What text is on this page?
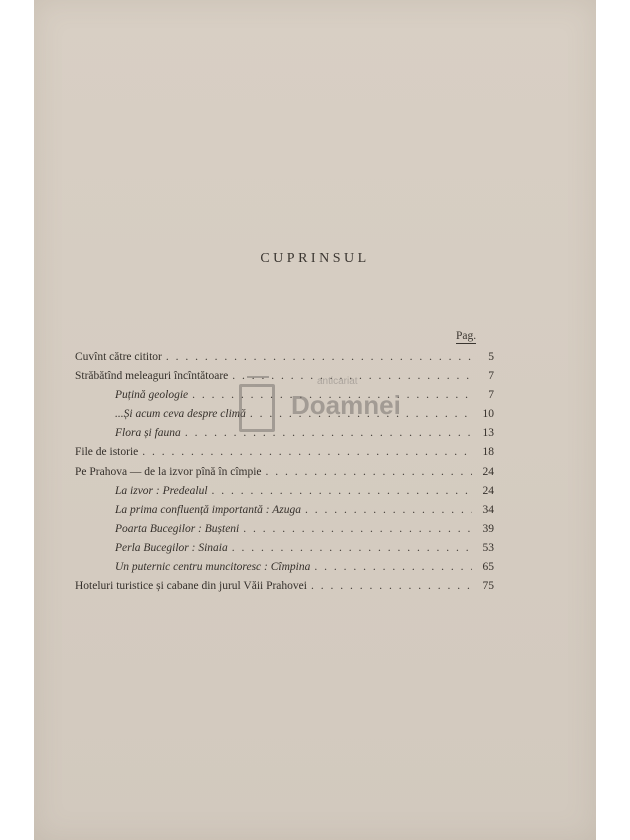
CUPRINSUL
Pag.
Cuvînt către cititor . . .	5
Străbătînd meleaguri încîntătoare . . .	7
Puțină geologie . . .	7
...Și acum ceva despre climă . . .	10
Flora și fauna . . .	13
File de istorie . . .	18
Pe Prahova — de la izvor pînă în cîmpie . . .	24
La izvor : Predealul . . .	24
La prima confluență importantă : Azuga . . .	34
Poarta Bucegilor : Bușteni . . .	39
Perla Bucegilor : Sinaia . . .	53
Un puternic centru muncitoresc : Cîmpina . . .	65
Hoteluri turistice și cabane din jurul Văii Prahovei . . .	75
anticariat
Doamnei
